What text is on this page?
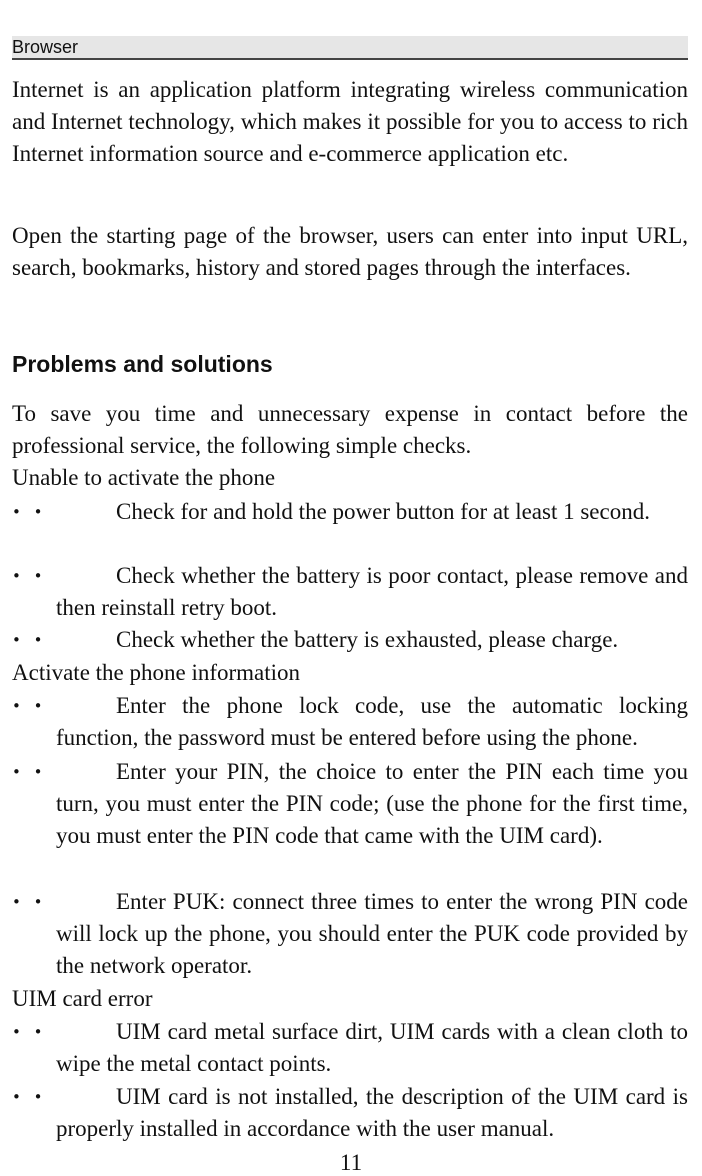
Browser

Internet is an application platform integrating wireless communication and Internet technology, which makes it possible for you to access to rich Internet information source and e-commerce application etc.

Open the starting page of the browser, users can enter into input URL, search, bookmarks, history and stored pages through the interfaces.

Problems and solutions

To save you time and unnecessary expense in contact before the professional service, the following simple checks.

Unable to activate the phone

• •	Check for and hold the power button for at least 1 second.
• •	Check whether the battery is poor contact, please remove and then reinstall retry boot.
• •	Check whether the battery is exhausted, please charge.

Activate the phone information

• •	Enter the phone lock code, use the automatic locking function, the password must be entered before using the phone.
• •	Enter your PIN, the choice to enter the PIN each time you turn, you must enter the PIN code; (use the phone for the first time, you must enter the PIN code that came with the UIM card).
• •	Enter PUK: connect three times to enter the wrong PIN code will lock up the phone, you should enter the PUK code provided by the network operator.

UIM card error

• •	UIM card metal surface dirt, UIM cards with a clean cloth to wipe the metal contact points.
• •	UIM card is not installed, the description of the UIM card is properly installed in accordance with the user manual.
11
